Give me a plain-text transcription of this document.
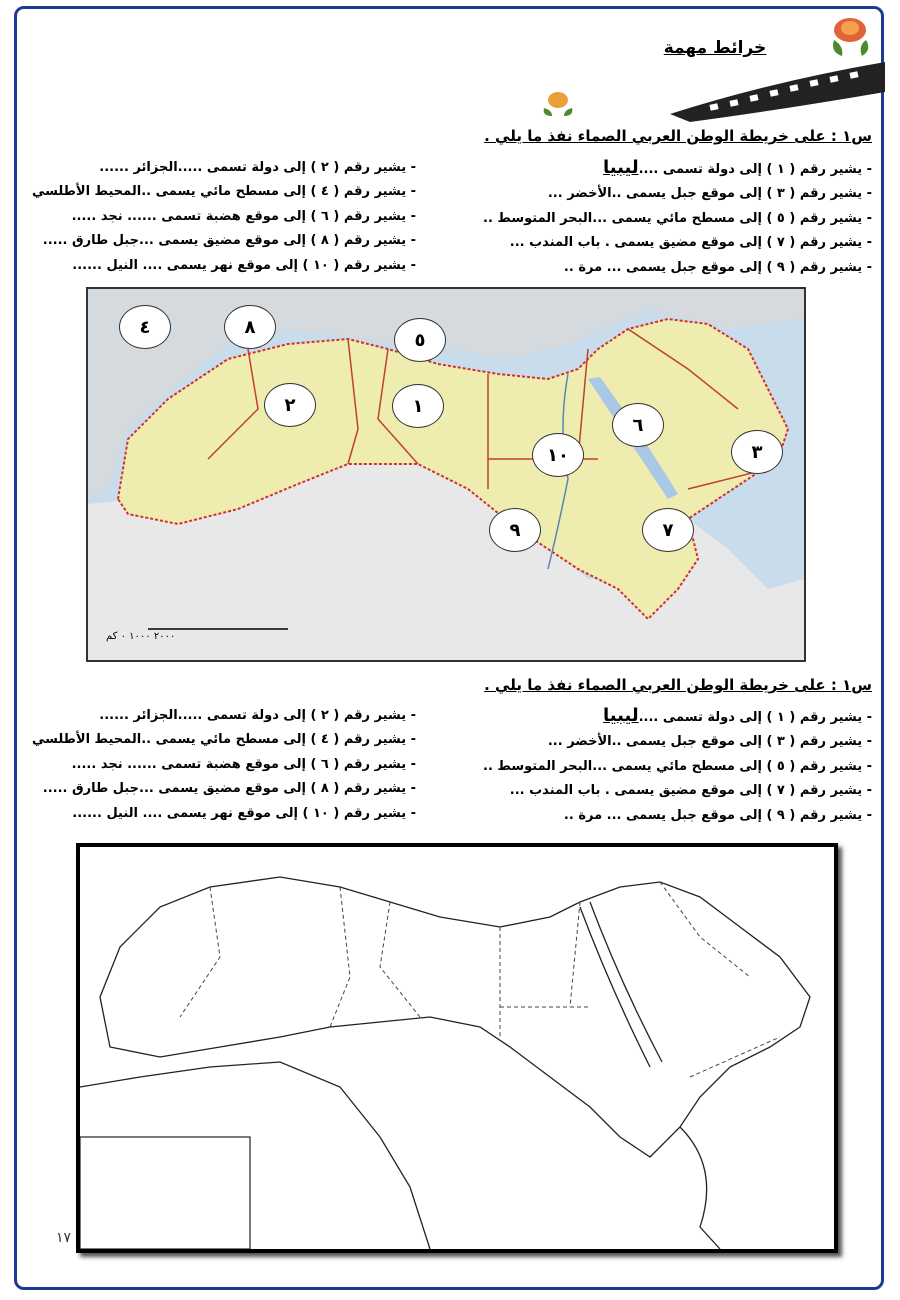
خرائط مهمة
س١ : على خريطة الوطن العربي الصماء نفذ ما يلي .
- يشير رقم ( ١ ) إلى دولة تسمى ....ليبيا
- يشير رقم ( ٣ ) إلى موقع جبل يسمى ..الأخضر ...
- يشير رقم ( ٥ ) إلى مسطح مائي يسمى ...البحر المتوسط ..
- يشير رقم ( ٧ ) إلى موقع مضيق يسمى . باب المندب ...
- يشير رقم ( ٩ ) إلى موقع جبل يسمى ... مرة ..
- يشير رقم ( ٢ ) إلى دولة تسمى .....الجزائر ......
- يشير رقم ( ٤ ) إلى مسطح مائي يسمى ..المحيط الأطلسي
- يشير رقم ( ٦ ) إلى موقع هضبة تسمى ...... نجد .....
- يشير رقم ( ٨ ) إلى موقع مضيق يسمى ...جبل طارق .....
- يشير رقم ( ١٠ ) إلى موقع نهر يسمى .... النيل ......
٢٠٠٠ ١٠٠٠ ٠ كم
٤	٨
٥
٢	١
٦
١٠	٣
٩	٧
س١ : على خريطة الوطن العربي الصماء نفذ ما يلي .
- يشير رقم ( ١ ) إلى دولة تسمى ....ليبيا
- يشير رقم ( ٣ ) إلى موقع جبل يسمى ..الأخضر ...
- يشير رقم ( ٥ ) إلى مسطح مائي يسمى ...البحر المتوسط ..
- يشير رقم ( ٧ ) إلى موقع مضيق يسمى . باب المندب ...
- يشير رقم ( ٩ ) إلى موقع جبل يسمى ... مرة ..
- يشير رقم ( ٢ ) إلى دولة تسمى .....الجزائر ......
- يشير رقم ( ٤ ) إلى مسطح مائي يسمى ..المحيط الأطلسي
- يشير رقم ( ٦ ) إلى موقع هضبة تسمى ...... نجد .....
- يشير رقم ( ٨ ) إلى موقع مضيق يسمى ...جبل طارق .....
- يشير رقم ( ١٠ ) إلى موقع نهر يسمى .... النيل ......
١٧
